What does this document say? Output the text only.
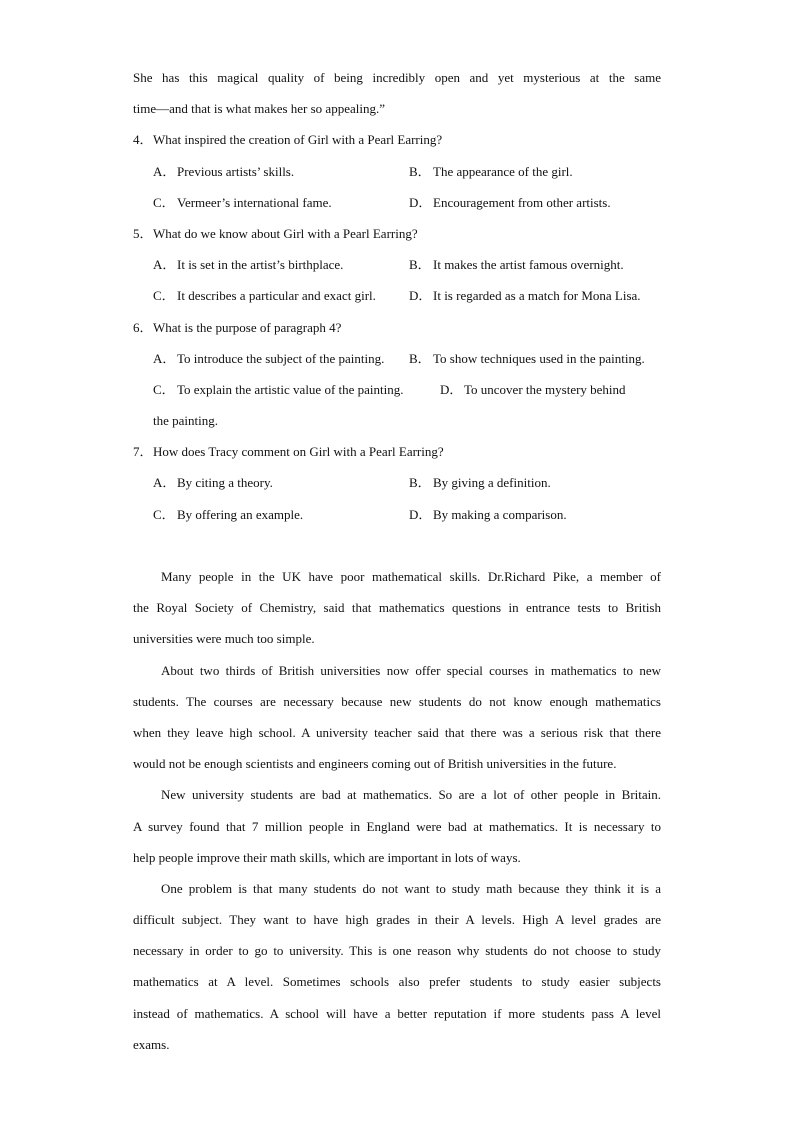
She has this magical quality of being incredibly open and yet mysterious at the same
time—and that is what makes her so appealing.”
4．What inspired the creation of Girl with a Pearl Earring?
A． Previous artists’ skills.	B． The appearance of the girl.
C． Vermeer’s international fame.	D． Encouragement from other artists.
5．What do we know about Girl with a Pearl Earring?
A． It is set in the artist’s birthplace.	B． It makes the artist famous overnight.
C． It describes a particular and exact girl.	D． It is regarded as a match for Mona Lisa.
6．What is the purpose of paragraph 4?
A． To introduce the subject of the painting. B． To show techniques used in the painting.
C． To explain the artistic value of the painting.	D． To uncover the mystery behind
the painting.
7．How does Tracy comment on Girl with a Pearl Earring?
A． By citing a theory.	B． By giving a definition.
C． By offering an example.	D． By making a comparison.
Many people in the UK have poor mathematical skills. Dr.Richard Pike, a member of
the Royal Society of Chemistry, said that mathematics questions in entrance tests to British
universities were much too simple.
About two thirds of British universities now offer special courses in mathematics to new
students. The courses are necessary because new students do not know enough mathematics
when they leave high school. A university teacher said that there was a serious risk that there
would not be enough scientists and engineers coming out of British universities in the future.
New university students are bad at mathematics. So are a lot of other people in Britain.
A survey found that 7 million people in England were bad at mathematics. It is necessary to
help people improve their math skills, which are important in lots of ways.
One problem is that many students do not want to study math because they think it is a
difficult subject. They want to have high grades in their A levels. High A level grades are
necessary in order to go to university. This is one reason why students do not choose to study
mathematics at A level. Sometimes schools also prefer students to study easier subjects
instead of mathematics. A school will have a better reputation if more students pass A level
exams.
